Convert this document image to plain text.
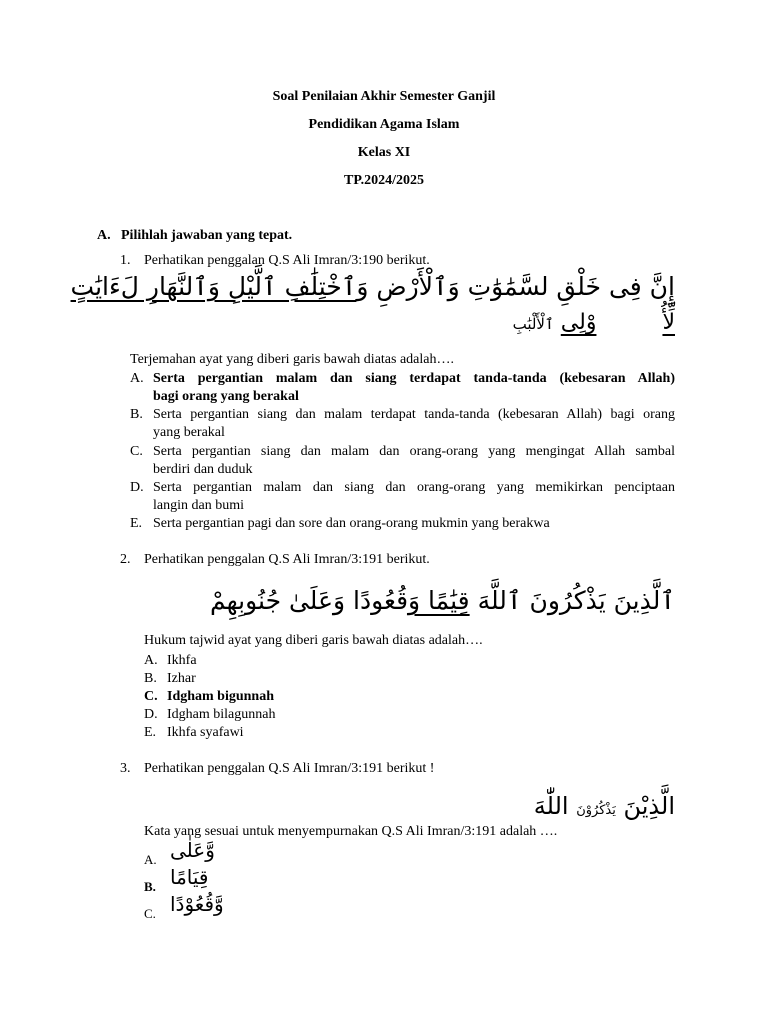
Soal Penilaian Akhir Semester Ganjil
Pendidikan Agama Islam
Kelas XI
TP.2024/2025
A. Pilihlah jawaban yang tepat.
1. Perhatikan penggalan Q.S Ali Imran/3:190 berikut.
إِنَّ فِى خَلْقِ لسَّمَٰوَٰتِ وَٱلْأَرْضِ وَٱخْتِلَٰفِ ٱلَّيْلِ وَٱلنَّهَارِ لَءَايَٰتٍ
لِّأُ   وْلِى ٱلْأَلْبَٰبِ
Terjemahan ayat yang diberi garis bawah diatas adalah….
A. Serta pergantian malam dan siang terdapat tanda-tanda (kebesaran Allah)
bagi orang yang berakal
B. Serta pergantian siang dan malam terdapat tanda-tanda (kebesaran Allah) bagi orang
yang berakal
C. Serta pergantian siang dan malam dan orang-orang yang mengingat Allah sambal
berdiri dan duduk
D. Serta pergantian malam dan siang dan orang-orang yang memikirkan penciptaan
langin dan bumi
E. Serta pergantian pagi dan sore dan orang-orang mukmin yang berakwa
2. Perhatikan penggalan Q.S Ali Imran/3:191 berikut.
ٱلَّذِينَ يَذْكُرُونَ ٱللَّهَ قِيَٰمًا وَقُعُودًا وَعَلَىٰ جُنُوبِهِمْ
Hukum tajwid ayat yang diberi garis bawah diatas adalah….
A. Ikhfa
B. Izhar
C. Idgham bigunnah
D. Idgham bilagunnah
E. Ikhfa syafawi
3. Perhatikan penggalan Q.S Ali Imran/3:191 berikut !
الَّذِيْنَ يَذْكُرُوْنَ اللّٰهَ
Kata yang sesuai untuk menyempurnakan Q.S Ali Imran/3:191 adalah ….
A. وَّعَلٰى
B. قِيَامًا
C. وَّقُعُوْدًا
